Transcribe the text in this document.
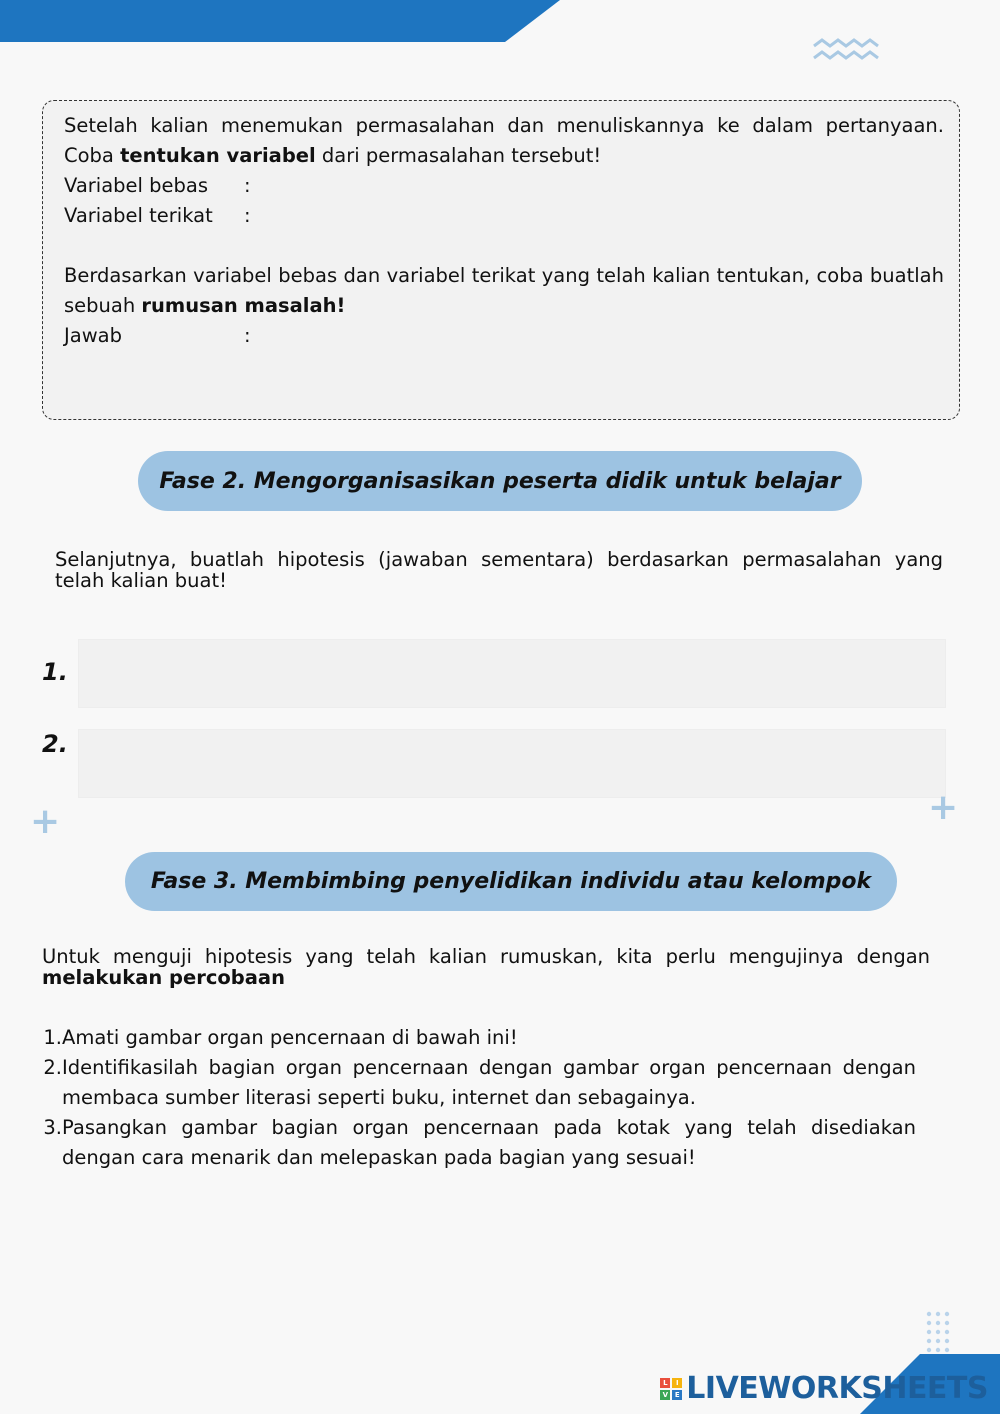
Setelah kalian menemukan permasalahan dan menuliskannya ke dalam pertanyaan. Coba tentukan variabel dari permasalahan tersebut!
Variabel bebas :
Variabel terikat :
Berdasarkan variabel bebas dan variabel terikat yang telah kalian tentukan, coba buatlah sebuah rumusan masalah!
Jawab	:
Fase 2. Mengorganisasikan peserta didik untuk belajar
Selanjutnya, buatlah hipotesis (jawaban sementara) berdasarkan permasalahan yang telah kalian buat!
1.
2.
+	+
Fase 3. Membimbing penyelidikan individu atau kelompok
Untuk menguji hipotesis yang telah kalian rumuskan, kita perlu mengujinya dengan melakukan percobaan
1. Amati gambar organ pencernaan di bawah ini!
2. Identifikasilah bagian organ pencernaan dengan gambar organ pencernaan dengan membaca sumber literasi seperti buku, internet dan sebagainya.
3. Pasangkan gambar bagian organ pencernaan pada kotak yang telah disediakan dengan cara menarik dan melepaskan pada bagian yang sesuai!
L	I
V E LIVEWORKSHEETS
